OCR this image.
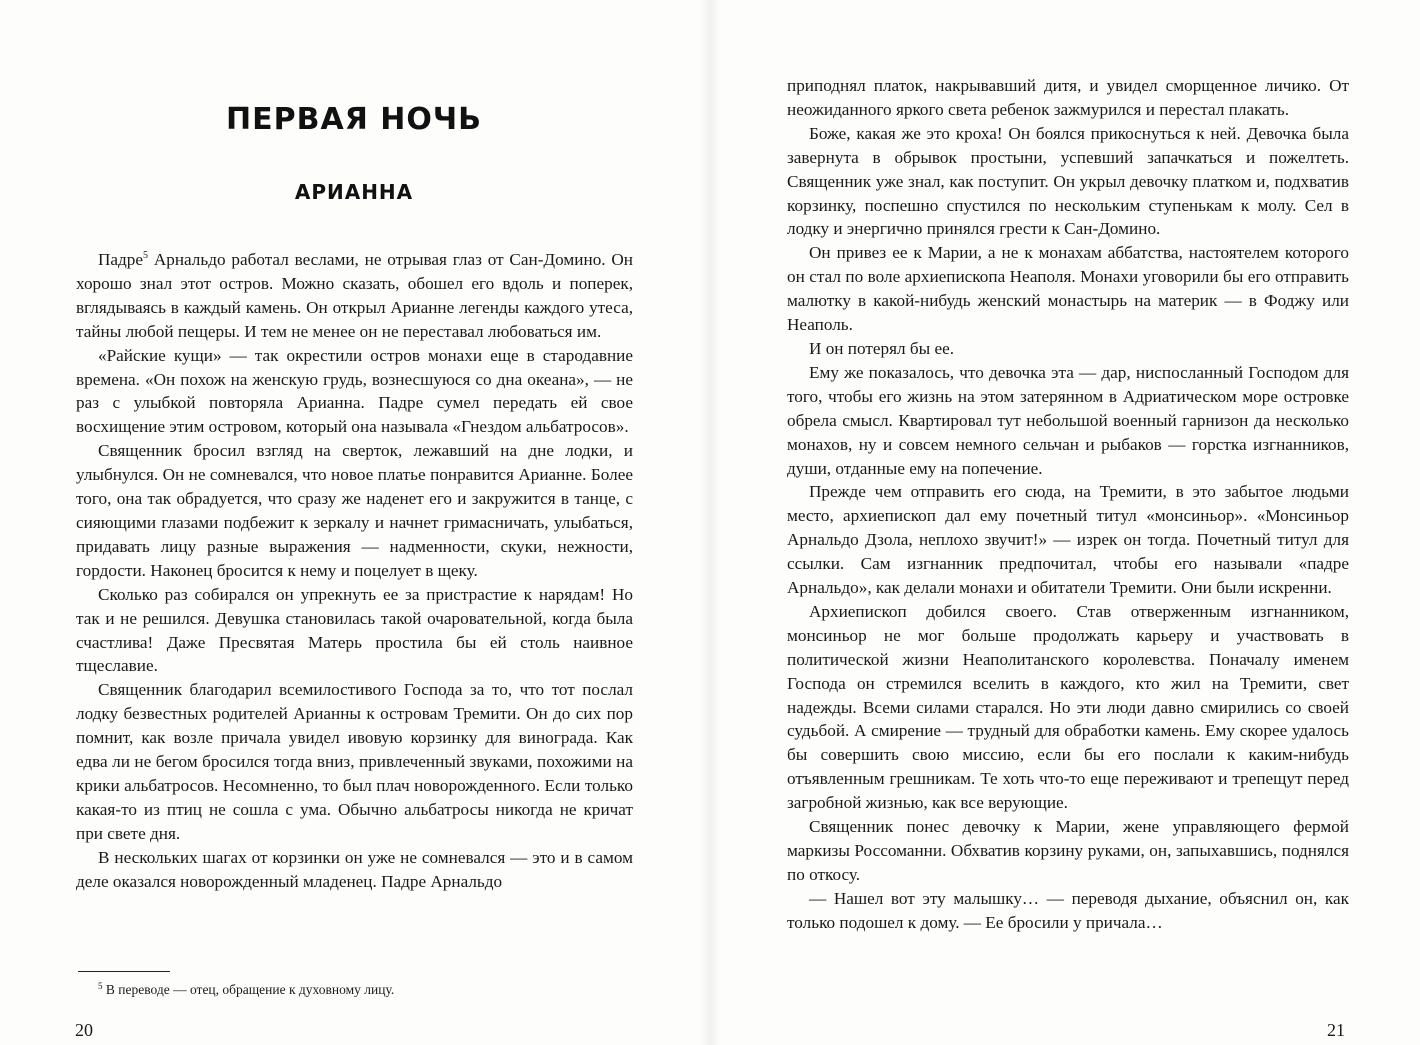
ПЕРВАЯ НОЧЬ
АРИАННА

Падре$^5$ Арнальдо работал веслами, не отрывая глаз от Сан-Домино. Он хорошо знал этот остров. Можно сказать, обошел его вдоль и поперек, вглядываясь в каждый камень. Он открыл Арианне легенды каждого утеса, тайны любой пещеры. И тем не менее он не переставал любоваться им.

«Райские кущи» — так окрестили остров монахи еще в стародавние времена. «Он похож на женскую грудь, вознесшуюся со дна океана», — не раз с улыбкой повторяла Арианна. Падре сумел передать ей свое восхищение этим островом, который она называла «Гнездом альбатросов».

Священник бросил взгляд на сверток, лежавший на дне лодки, и улыбнулся. Он не сомневался, что новое платье понравится Арианне. Более того, она так обрадуется, что сразу же наденет его и закружится в танце, с сияющими глазами подбежит к зеркалу и начнет гримасничать, улыбаться, придавать лицу разные выражения — надменности, скуки, нежности, гордости. Наконец бросится к нему и поцелует в щеку.

Сколько раз собирался он упрекнуть ее за пристрастие к нарядам! Но так и не решился. Девушка становилась такой очаровательной, когда была счастлива! Даже Пресвятая Матерь простила бы ей столь наивное тщеславие.

Священник благодарил всемилостивого Господа за то, что тот послал лодку безвестных родителей Арианны к островам Тремити. Он до сих пор помнит, как возле причала увидел ивовую корзинку для винограда. Как едва ли не бегом бросился тогда вниз, привлеченный звуками, похожими на крики альбатросов. Несомненно, то был плач новорожденного. Если только какая-то из птиц не сошла с ума. Обычно альбатросы никогда не кричат при свете дня.

В нескольких шагах от корзинки он уже не сомневался — это и в самом деле оказался новорожденный младенец. Падре Арнальдо

$^5$ В переводе — отец, обращение к духовному лицу.
20

приподнял платок, накрывавший дитя, и увидел сморщенное личико. От неожиданного яркого света ребенок зажмурился и перестал плакать.

Боже, какая же это кроха! Он боялся прикоснуться к ней. Девочка была завернута в обрывок простыни, успевший запачкаться и пожелтеть. Священник уже знал, как поступит. Он укрыл девочку платком и, подхватив корзинку, поспешно спустился по нескольким ступенькам к молу. Сел в лодку и энергично принялся грести к Сан-Домино.

Он привез ее к Марии, а не к монахам аббатства, настоятелем которого он стал по воле архиепископа Неаполя. Монахи уговорили бы его отправить малютку в какой-нибудь женский монастырь на материк — в Фоджу или Неаполь.

И он потерял бы ее.

Ему же показалось, что девочка эта — дар, ниспосланный Господом для того, чтобы его жизнь на этом затерянном в Адриатическом море островке обрела смысл. Квартировал тут небольшой военный гарнизон да несколько монахов, ну и совсем немного сельчан и рыбаков — горстка изгнанников, души, отданные ему на попечение.

Прежде чем отправить его сюда, на Тремити, в это забытое людьми место, архиепископ дал ему почетный титул «монсиньор». «Монсиньор Арнальдо Дзола, неплохо звучит!» — изрек он тогда. Почетный титул для ссылки. Сам изгнанник предпочитал, чтобы его называли «падре Арнальдо», как делали монахи и обитатели Тремити. Они были искренни.

Архиепископ добился своего. Став отверженным изгнанником, монсиньор не мог больше продолжать карьеру и участвовать в политической жизни Неаполитанского королевства. Поначалу именем Господа он стремился вселить в каждого, кто жил на Тремити, свет надежды. Всеми силами старался. Но эти люди давно смирились со своей судьбой. А смирение — трудный для обработки камень. Ему скорее удалось бы совершить свою миссию, если бы его послали к каким-нибудь отъявленным грешникам. Те хоть что-то еще переживают и трепещут перед загробной жизнью, как все верующие.

Священник понес девочку к Марии, жене управляющего фермой маркизы Россоманни. Обхватив корзину руками, он, запыхавшись, поднялся по откосу.

— Нашел вот эту малышку… — переводя дыхание, объяснил он, как только подошел к дому. — Ее бросили у причала…

21
